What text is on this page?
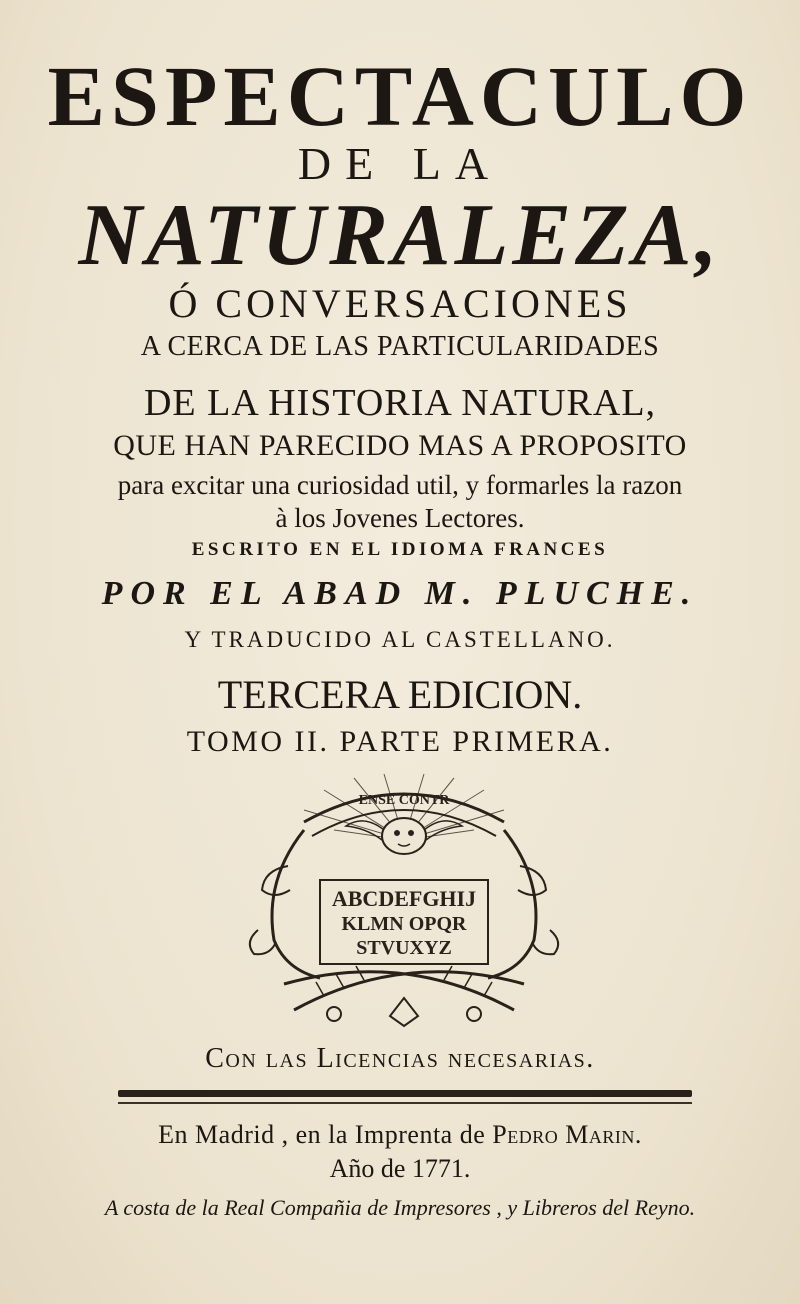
ESPECTACULO
DE LA
NATURALEZA,
Ó CONVERSACIONES
A CERCA DE LAS PARTICULARIDADES
DE LA HISTORIA NATURAL,
QUE HAN PARECIDO MAS A PROPOSITO
para excitar una curiosidad util, y formarles la razon
à los Jovenes Lectores.
ESCRITO EN EL IDIOMA FRANCES
POR EL ABAD M. PLUCHE.
Y TRADUCIDO AL CASTELLANO.
TERCERA EDICION.
TOMO II. PARTE PRIMERA.
ENSE CONTR
ABCDEFGHIJ
KLMN OPQR
STVUXYZ
Con las Licencias necesarias.
En Madrid , en la Imprenta de Pedro Marin.
Año de 1771.
A costa de la Real Compañia de Impresores , y Libreros del Reyno.
